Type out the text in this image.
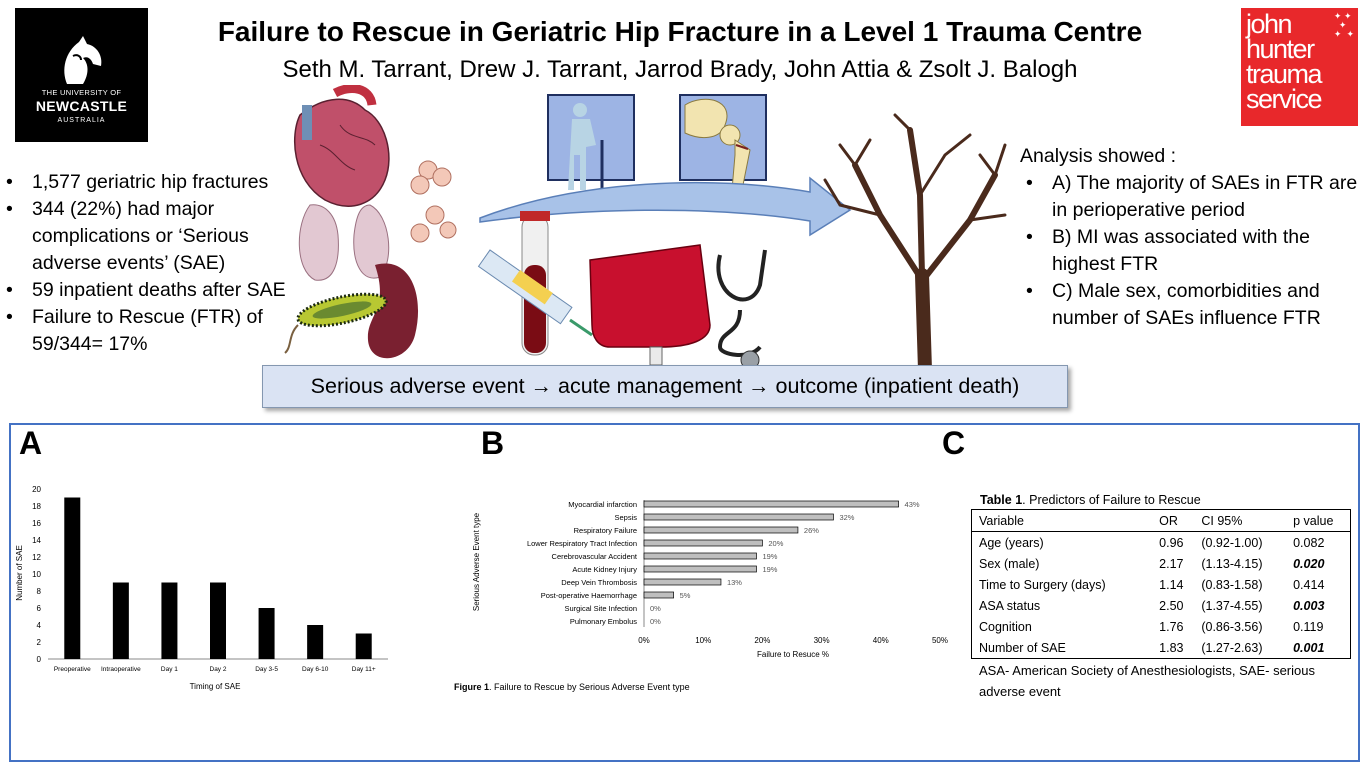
THE UNIVERSITY OF
NEWCASTLE
AUSTRALIA
john
hunter
trauma
service
✦ ✦
✦
✦  ✦
Failure to Rescue in Geriatric Hip Fracture in a Level 1 Trauma Centre
Seth M. Tarrant, Drew J. Tarrant, Jarrod Brady, John Attia & Zsolt J. Balogh
• 1,577 geriatric hip fractures
• 344 (22%) had major complications or ‘Serious adverse events’ (SAE)
• 59 inpatient deaths after SAE
• Failure to Rescue (FTR) of 59/344= 17%
Analysis showed :
• A) The majority of SAEs in FTR are in perioperative period
• B) MI was associated with the highest FTR
• C) Male sex, comorbidities and number of SAEs influence FTR
Serious adverse event → acute management → outcome (inpatient death)
A	B	C
0
2
4
6
8
10
12
14
16
18
20
Preoperative Intraoperative	Day 1	Day 2	Day 3-5	Day 6-10	Day 11+
Timing of SAE
Number of SAE
Myocardial infarction
Sepsis
Respiratory Failure
Lower Respiratory Tract Infection
Cerebrovascular Accident
Acute Kidney Injury
Deep Vein Thrombosis
Post-operative Haemorrhage
Surgical Site Infection
Pulmonary Embolus
43%
32%
26%
20%
19%
19%
13%
5%
0%
0%
0%	10%	20%	30%	40%	50%
Failure to Resuce %
Serious Adverse Event type
Figure 1. Failure to Rescue by Serious Adverse Event type
Table 1. Predictors of Failure to Rescue
Variable	OR	CI 95%	p value
Age (years)	0.96	(0.92-1.00)	0.082
Sex (male)	2.17	(1.13-4.15)	0.020
Time to Surgery (days)	1.14	(0.83-1.58)	0.414
ASA status	2.50	(1.37-4.55)	0.003
Cognition	1.76	(0.86-3.56)	0.119
Number of SAE	1.83	(1.27-2.63)	0.001
ASA- American Society of Anesthesiologists, SAE- serious adverse event
